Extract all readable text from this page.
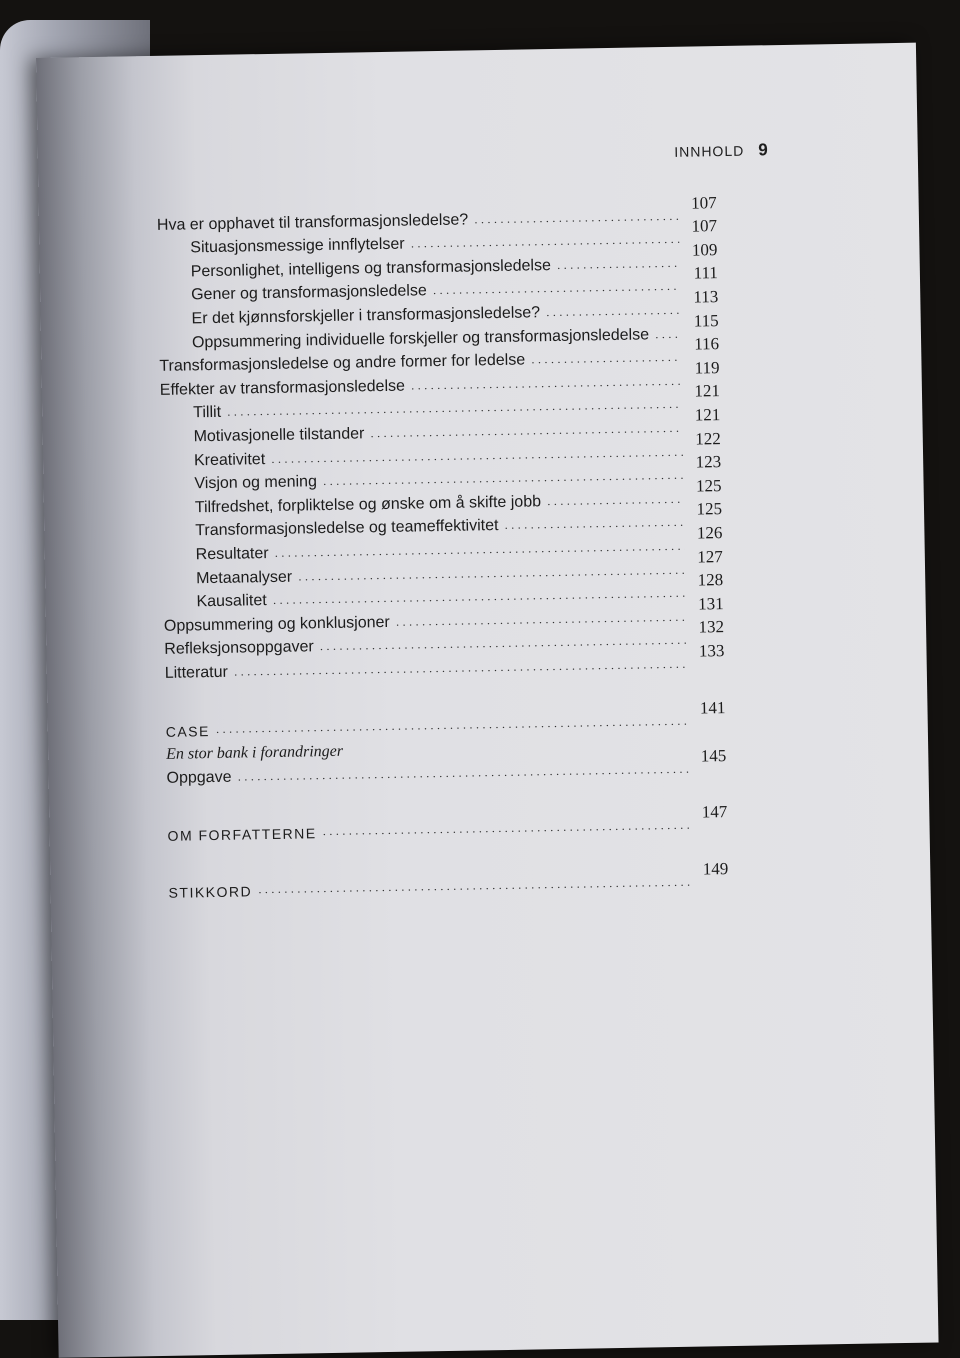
INNHOLD 9
Hva er opphavet til transformasjonsledelse?
.....
107
Situasjonsmessige innflytelser
.....
107
Personlighet, intelligens og transformasjonsledelse
.....
109
Gener og transformasjonsledelse
.....
111
Er det kjønnsforskjeller i transformasjonsledelse?
.....
113
Oppsummering individuelle forskjeller og transformasjonsledelse
.....
115
Transformasjonsledelse og andre former for ledelse
.....
116
Effekter av transformasjonsledelse
.....
119
Tillit
.....
121
Motivasjonelle tilstander
.....
121
Kreativitet
.....
122
Visjon og mening
.....
123
Tilfredshet, forpliktelse og ønske om å skifte jobb
.....
125
Transformasjonsledelse og teameffektivitet
.....
125
Resultater
.....
126
Metaanalyser
.....
127
Kausalitet
.....
128
Oppsummering og konklusjoner
.....
131
Refleksjonsoppgaver
.....
132
Litteratur
.....
133
CASE
.....
141
En stor bank i forandringer
Oppgave
.....
145
OM FORFATTERNE
.....
147
STIKKORD
.....
149
